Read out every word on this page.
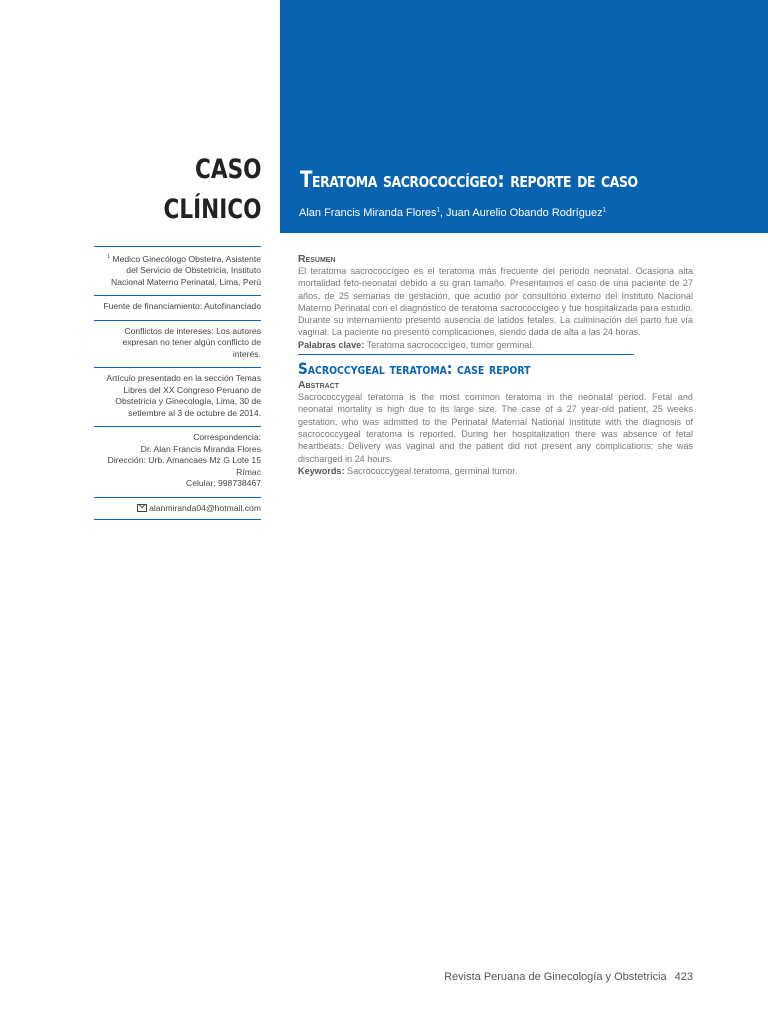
Teratoma sacrococcígeo: reporte de caso
Alan Francis Miranda Flores$^1$, Juan Aurelio Obando Rodríguez$^1$
CASO
CLÍNICO
$^1$ Medico Ginecólogo Obstetra, Asistente del Servicio de Obstetricia, Instituto Nacional Materno Perinatal, Lima, Perú
Fuente de financiamiento: Autofinanciado
Conflictos de intereses: Los autores expresan no tener algún conflicto de interés.
Artículo presentado en la sección Temas Libres del XX Congreso Peruano de Obstetricia y Ginecología, Lima, 30 de setiembre al 3 de octubre de 2014.
Correspondencia:
Dr. Alan Francis Miranda Flores
Dirección: Urb. Amancaes Mz G Lote 15 Rímac
Celular: 998738467
alanmiranda04@hotmail.com
Resumen

El teratoma sacrococcígeo es el teratoma más frecuente del periodo neonatal. Ocasiona alta mortalidad feto-neonatal debido a su gran tamaño. Presentamos el caso de una paciente de 27 años, de 25 semanas de gestación, que acudió por consultorio externo del Instituto Nacional Materno Perinatal con el diagnóstico de teratoma sacrococcígeo y fue hospitalizada para estudio. Durante su internamiento presentó ausencia de latidos fetales. La culminación del parto fue vía vaginal. La paciente no presentó complicaciones, siendo dada de alta a las 24 horas.

Palabras clave: Teratoma sacrococcígeo, tumor germinal.

Sacroccygeal teratoma: case report
Abstract

Sacrococcygeal teratoma is the most common teratoma in the neonatal period. Fetal and neonatal mortality is high due to its large size. The case of a 27 year-old patient, 25 weeks gestation, who was admitted to the Perinatal Maternal National Institute with the diagnosis of sacrococcygeal teratoma is reported. During her hospitalization there was absence of fetal heartbeats. Delivery was vaginal and the patient did not present any complications; she was discharged in 24 hours.

Keywords: Sacrococcygeal teratoma, germinal tumor.

Revista Peruana de Ginecología y Obstetricia 423
